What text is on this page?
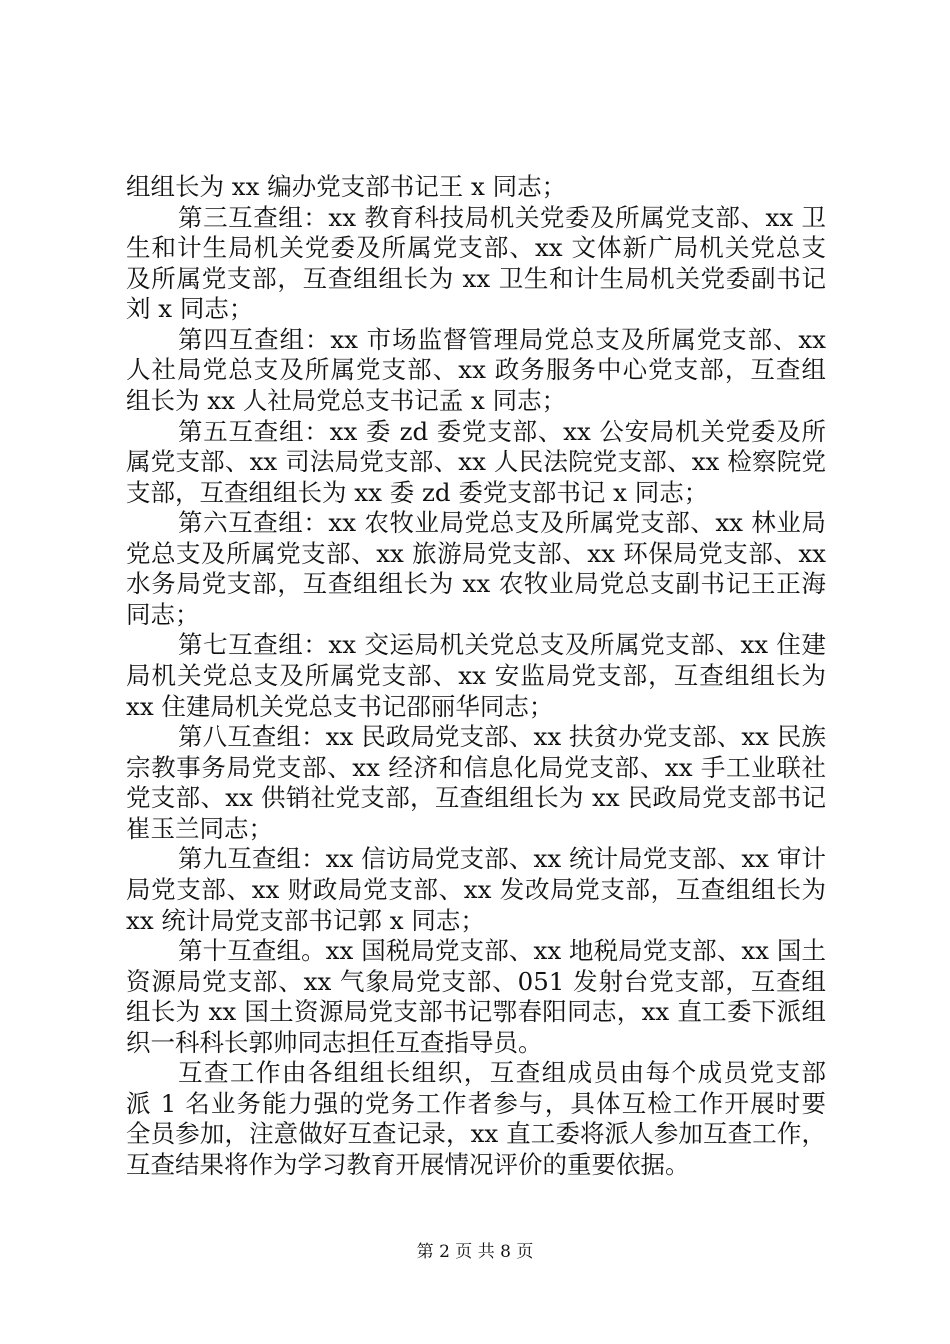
组组长为 xx 编办党支部书记王 x 同志；
第三互查组：xx 教育科技局机关党委及所属党支部、xx 卫
生和计生局机关党委及所属党支部、xx 文体新广局机关党总支
及所属党支部，互查组组长为 xx 卫生和计生局机关党委副书记
刘 x 同志；
第四互查组：xx 市场监督管理局党总支及所属党支部、xx
人社局党总支及所属党支部、xx 政务服务中心党支部，互查组
组长为 xx 人社局党总支书记孟 x 同志；
第五互查组：xx 委 zd 委党支部、xx 公安局机关党委及所
属党支部、xx 司法局党支部、xx 人民法院党支部、xx 检察院党
支部，互查组组长为 xx 委 zd 委党支部书记 x 同志；
第六互查组：xx 农牧业局党总支及所属党支部、xx 林业局
党总支及所属党支部、xx 旅游局党支部、xx 环保局党支部、xx
水务局党支部，互查组组长为 xx 农牧业局党总支副书记王正海
同志；
第七互查组：xx 交运局机关党总支及所属党支部、xx 住建
局机关党总支及所属党支部、xx 安监局党支部，互查组组长为
xx 住建局机关党总支书记邵丽华同志；
第八互查组：xx 民政局党支部、xx 扶贫办党支部、xx 民族
宗教事务局党支部、xx 经济和信息化局党支部、xx 手工业联社
党支部、xx 供销社党支部，互查组组长为 xx 民政局党支部书记
崔玉兰同志；
第九互查组：xx 信访局党支部、xx 统计局党支部、xx 审计
局党支部、xx 财政局党支部、xx 发改局党支部，互查组组长为
xx 统计局党支部书记郭 x 同志；
第十互查组。xx 国税局党支部、xx 地税局党支部、xx 国土
资源局党支部、xx 气象局党支部、051 发射台党支部，互查组
组长为 xx 国土资源局党支部书记鄂春阳同志，xx 直工委下派组
织一科科长郭帅同志担任互查指导员。
互查工作由各组组长组织，互查组成员由每个成员党支部
派 1 名业务能力强的党务工作者参与，具体互检工作开展时要
全员参加，注意做好互查记录，xx 直工委将派人参加互查工作，
互查结果将作为学习教育开展情况评价的重要依据。
第 2 页 共 8 页
